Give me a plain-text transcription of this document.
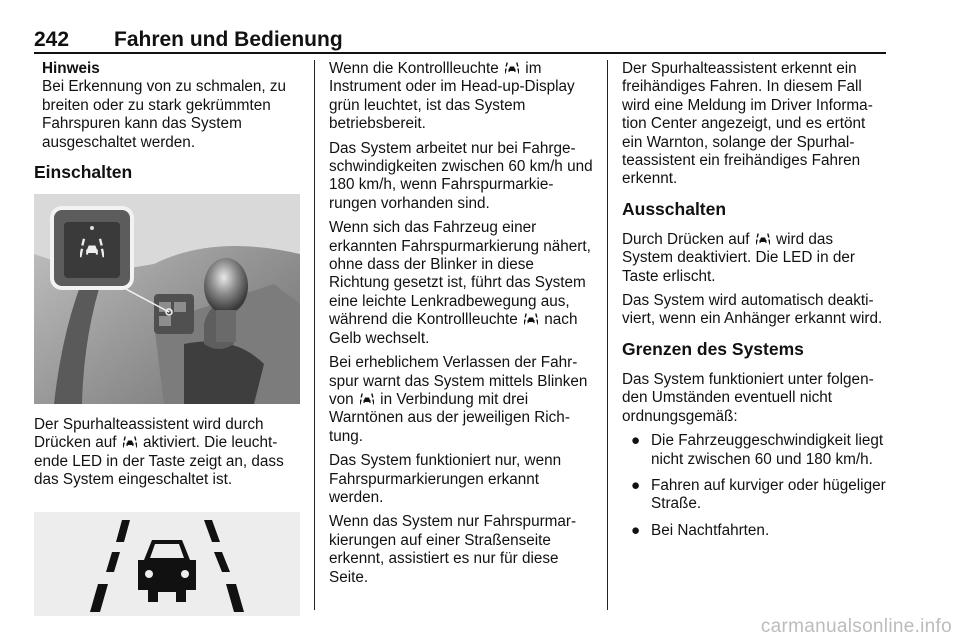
242 Fahren und Bedienung
Hinweis
Bei Erkennung von zu schmalen, zu breiten oder zu stark gekrümmten Fahrspuren kann das System ausgeschaltet werden.
Einschalten

Der Spurhalteassistent wird durch Drücken auf aktiviert. Die leuchtende LED in der Taste zeigt an, dass das System eingeschaltet ist.

Wenn die Kontrollleuchte im Instrument oder im Head-up-Display grün leuchtet, ist das System betriebsbereit.

Das System arbeitet nur bei Fahrgeschwindigkeiten zwischen 60 km/h und 180 km/h, wenn Fahrspurmarkierungen vorhanden sind.

Wenn sich das Fahrzeug einer erkannten Fahrspurmarkierung nähert, ohne dass der Blinker in diese Richtung gesetzt ist, führt das System eine leichte Lenkradbewegung aus, während die Kontrollleuchte nach Gelb wechselt.

Bei erheblichem Verlassen der Fahrspur warnt das System mittels Blinken von in Verbindung mit drei Warntönen aus der jeweiligen Richtung.

Das System funktioniert nur, wenn Fahrspurmarkierungen erkannt werden.

Wenn das System nur Fahrspurmarkierungen auf einer Straßenseite erkennt, assistiert es nur für diese Seite.

Der Spurhalteassistent erkennt ein freihändiges Fahren. In diesem Fall wird eine Meldung im Driver Information Center angezeigt, und es ertönt ein Warnton, solange der Spurhalteassistent ein freihändiges Fahren erkennt.

Ausschalten

Durch Drücken auf wird das System deaktiviert. Die LED in der Taste erlischt.

Das System wird automatisch deaktiviert, wenn ein Anhänger erkannt wird.

Grenzen des Systems

Das System funktioniert unter folgenden Umständen eventuell nicht ordnungsgemäß:

● Die Fahrzeuggeschwindigkeit liegt nicht zwischen 60 und 180 km/h.
● Fahren auf kurviger oder hügeliger Straße.
● Bei Nachtfahrten.
carmanualsonline.info
